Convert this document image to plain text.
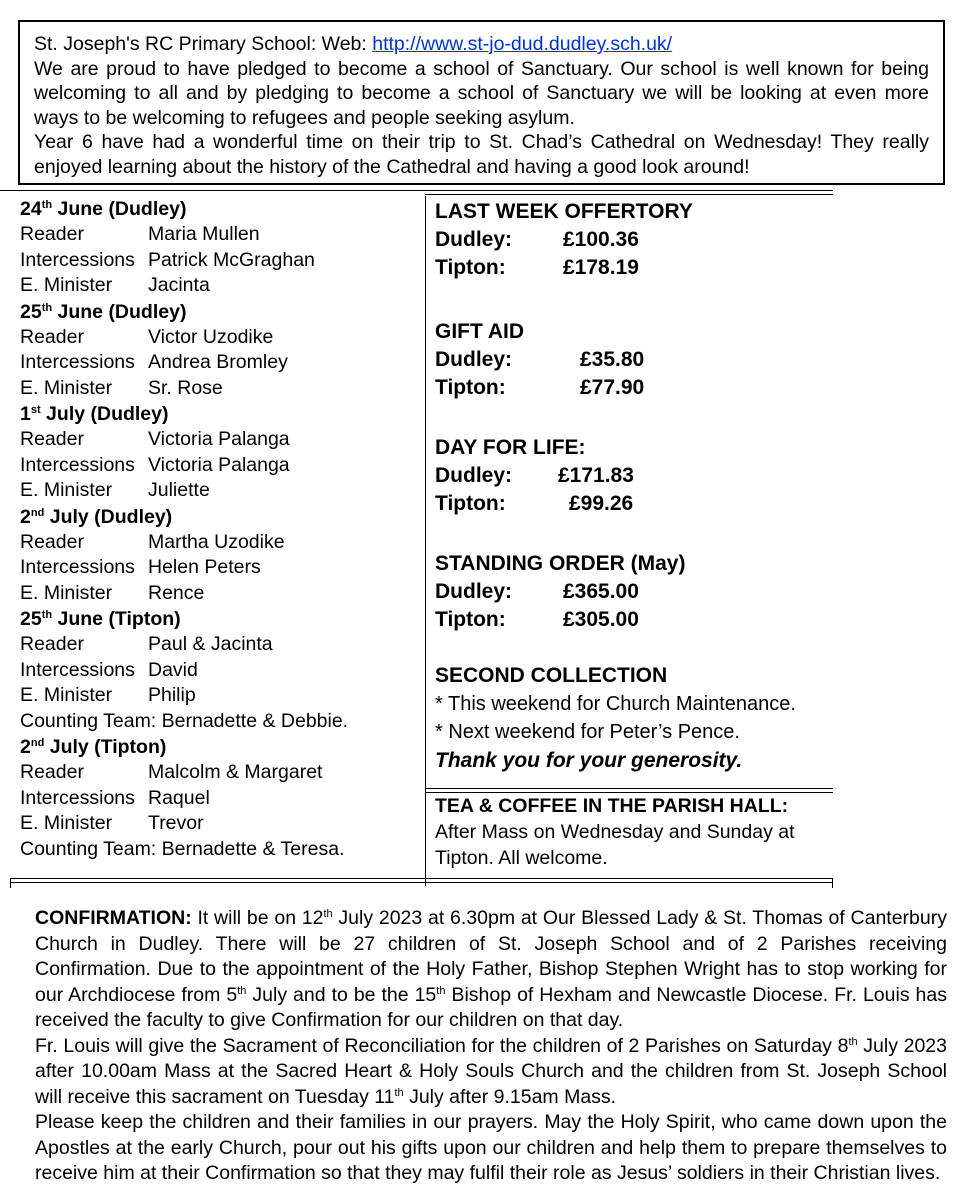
St. Joseph's RC Primary School: Web: http://www.st-jo-dud.dudley.sch.uk/

We are proud to have pledged to become a school of Sanctuary. Our school is well known for being welcoming to all and by pledging to become a school of Sanctuary we will be looking at even more ways to be welcoming to refugees and people seeking asylum.

Year 6 have had a wonderful time on their trip to St. Chad’s Cathedral on Wednesday! They really enjoyed learning about the history of the Cathedral and having a good look around!

24th June (Dudley)
Reader	Maria Mullen
Intercessions Patrick McGraghan
E. Minister Jacinta
25th June (Dudley)
Reader	Victor Uzodike
Intercessions Andrea Bromley
E. Minister Sr. Rose
1st July (Dudley)
Reader	Victoria Palanga
Intercessions Victoria Palanga
E. Minister Juliette
2nd July (Dudley)
Reader	Martha Uzodike
Intercessions Helen Peters
E. Minister Rence
25th June (Tipton)
Reader	Paul & Jacinta
Intercessions David
E. Minister Philip
Counting Team: Bernadette & Debbie.
2nd July (Tipton)
Reader	Malcolm & Margaret
Intercessions Raquel
E. Minister Trevor
Counting Team: Bernadette & Teresa.
LAST WEEK OFFERTORY
Dudley: £100.36
Tipton:	£178.19
GIFT AID
Dudley:	£35.80
Tipton:	£77.90
DAY FOR LIFE:
Dudley: £171.83
Tipton:	£99.26
STANDING ORDER (May)
Dudley: £365.00
Tipton:	£305.00
SECOND COLLECTION
* This weekend for Church Maintenance.
* Next weekend for Peter’s Pence.
Thank you for your generosity.
TEA & COFFEE IN THE PARISH HALL: After Mass on Wednesday and Sunday at Tipton. All welcome.

CONFIRMATION: It will be on 12th July 2023 at 6.30pm at Our Blessed Lady & St. Thomas of Canterbury Church in Dudley. There will be 27 children of St. Joseph School and of 2 Parishes receiving Confirmation. Due to the appointment of the Holy Father, Bishop Stephen Wright has to stop working for our Archdiocese from 5th July and to be the 15th Bishop of Hexham and Newcastle Diocese. Fr. Louis has received the faculty to give Confirmation for our children on that day.

Fr. Louis will give the Sacrament of Reconciliation for the children of 2 Parishes on Saturday 8th July 2023 after 10.00am Mass at the Sacred Heart & Holy Souls Church and the children from St. Joseph School will receive this sacrament on Tuesday 11th July after 9.15am Mass.

Please keep the children and their families in our prayers. May the Holy Spirit, who came down upon the Apostles at the early Church, pour out his gifts upon our children and help them to prepare themselves to receive him at their Confirmation so that they may fulfil their role as Jesus’ soldiers in their Christian lives.
